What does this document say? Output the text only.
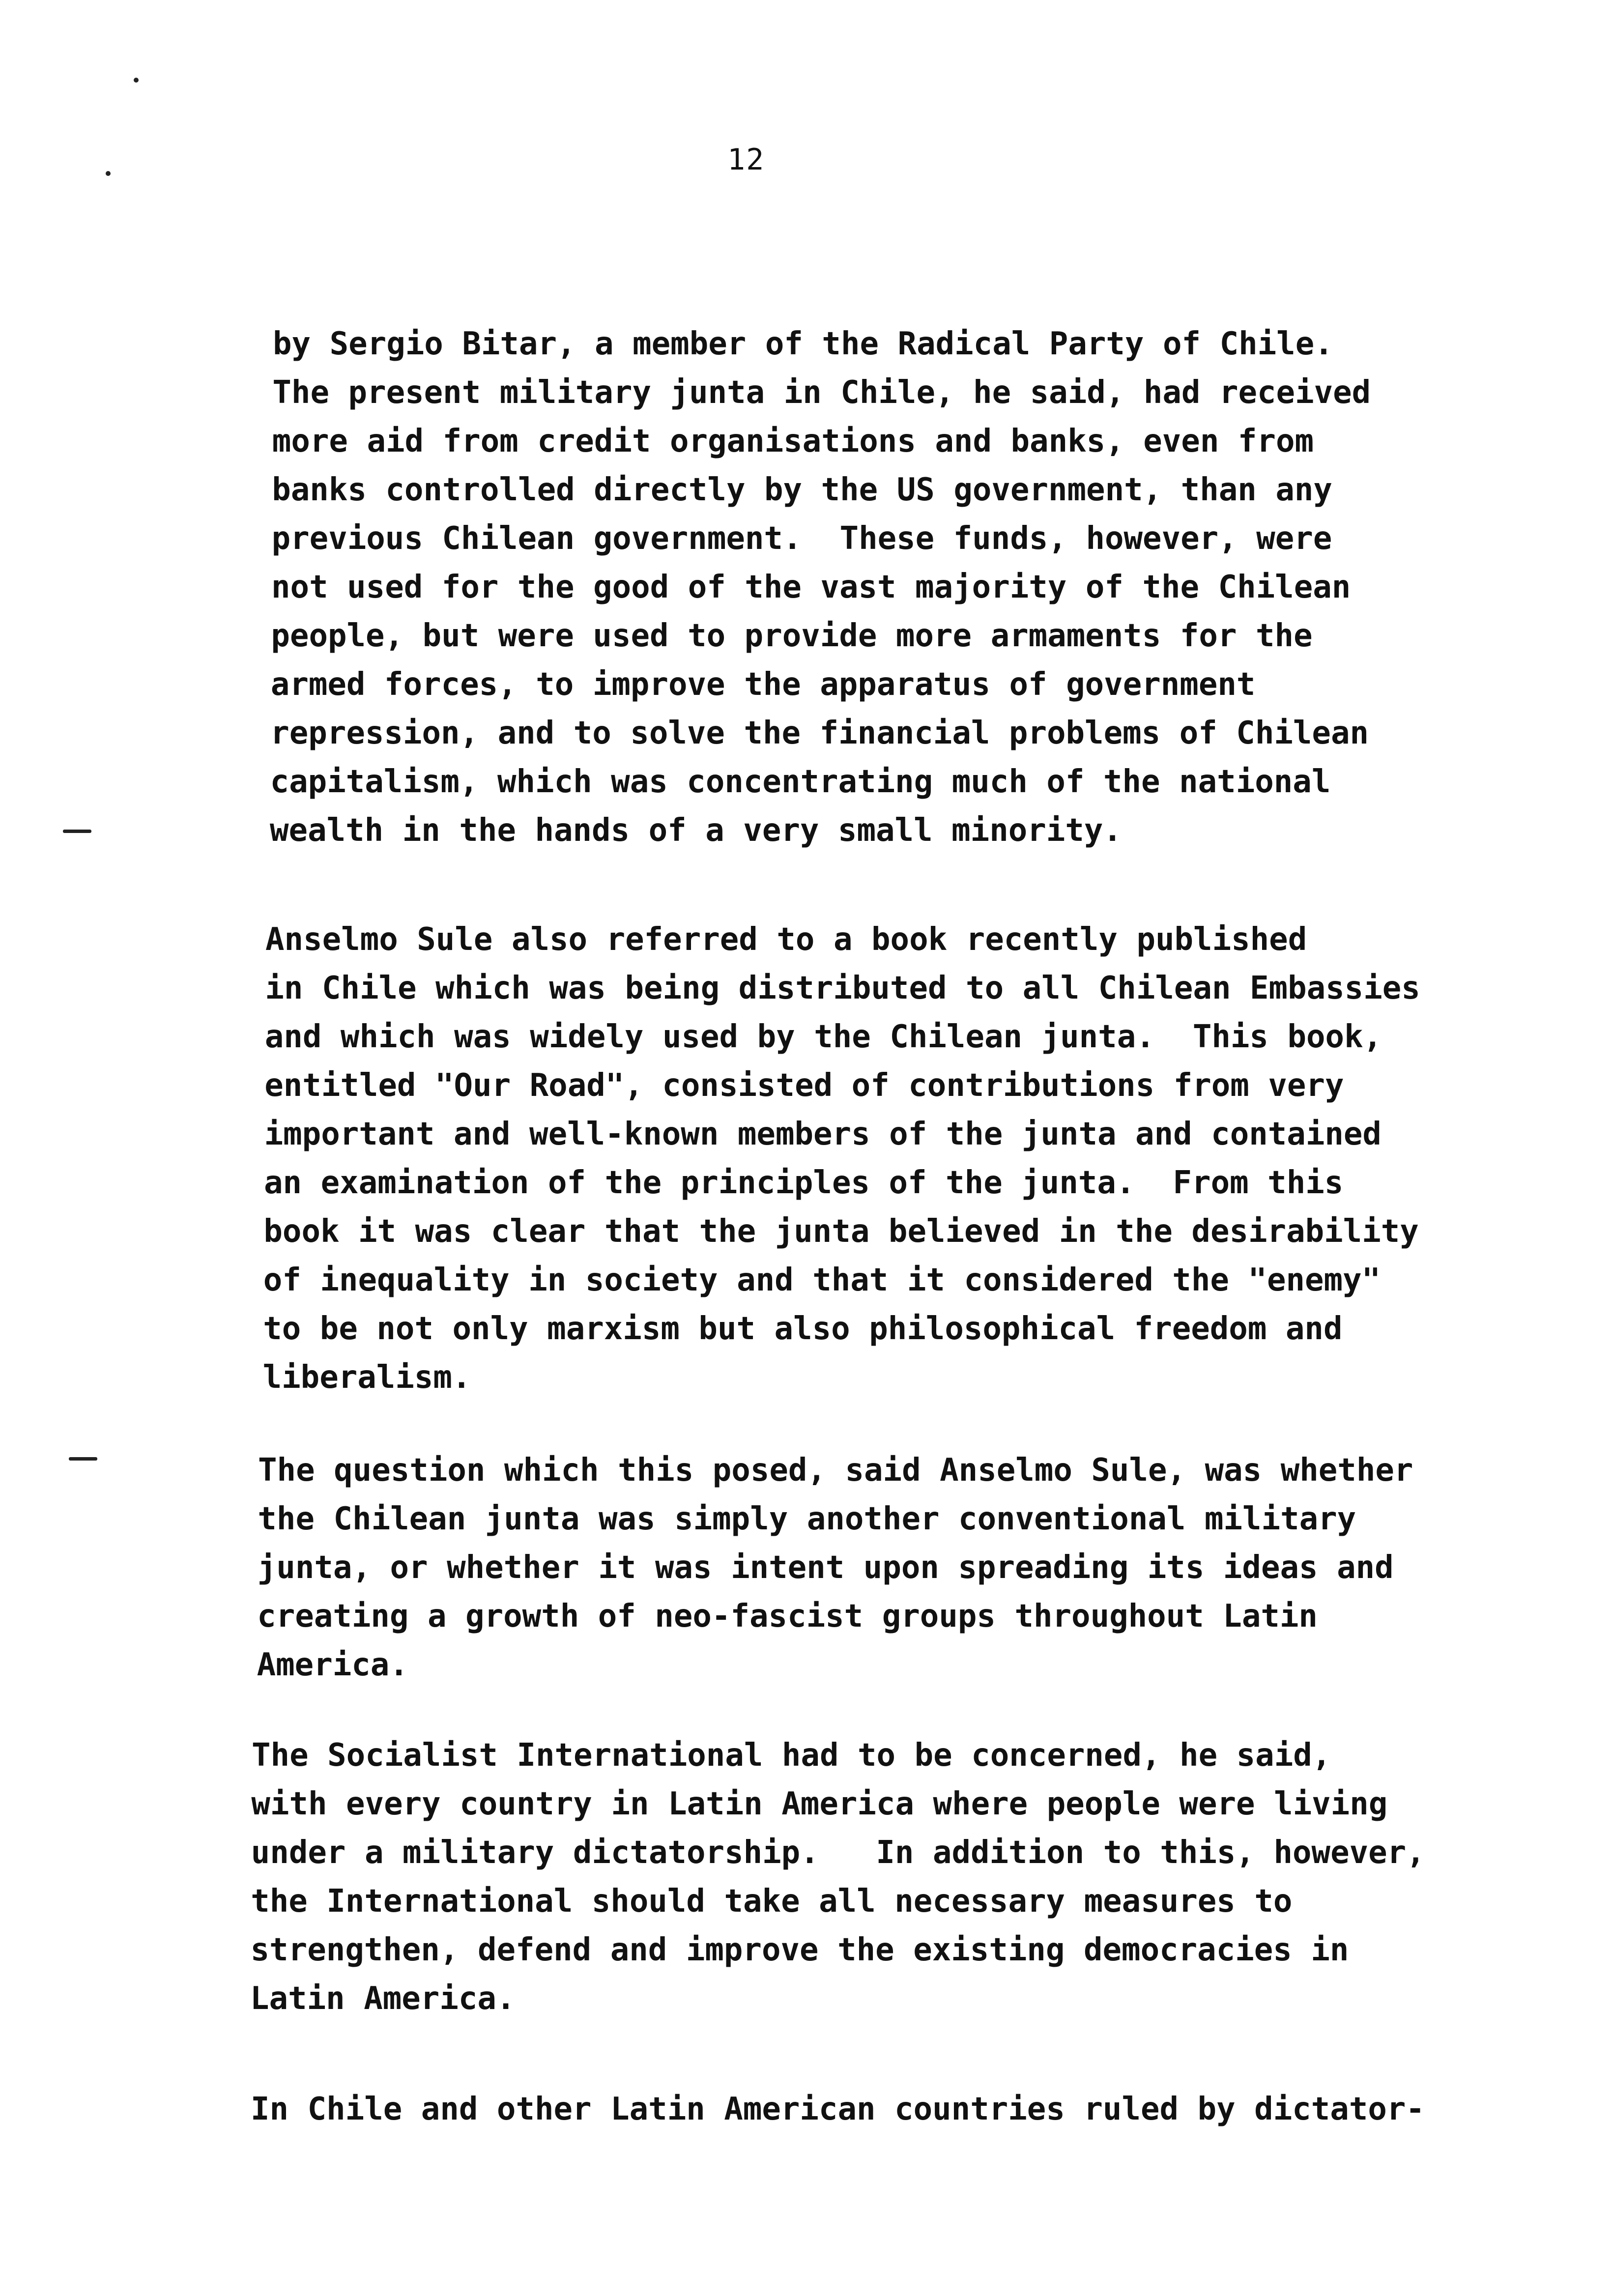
12
by Sergio Bitar, a member of the Radical Party of Chile.
The present military junta in Chile, he said, had received
more aid from credit organisations and banks, even from
banks controlled directly by the US government, than any
previous Chilean government.  These funds, however, were
not used for the good of the vast majority of the Chilean
people, but were used to provide more armaments for the
armed forces, to improve the apparatus of government
repression, and to solve the financial problems of Chilean
capitalism, which was concentrating much of the national
wealth in the hands of a very small minority.
Anselmo Sule also referred to a book recently published
in Chile which was being distributed to all Chilean Embassies
and which was widely used by the Chilean junta.  This book,
entitled "Our Road", consisted of contributions from very
important and well-known members of the junta and contained
an examination of the principles of the junta.  From this
book it was clear that the junta believed in the desirability
of inequality in society and that it considered the "enemy"
to be not only marxism but also philosophical freedom and
liberalism.
The question which this posed, said Anselmo Sule, was whether
the Chilean junta was simply another conventional military
junta, or whether it was intent upon spreading its ideas and
creating a growth of neo-fascist groups throughout Latin
America.
The Socialist International had to be concerned, he said,
with every country in Latin America where people were living
under a military dictatorship.   In addition to this, however,
the International should take all necessary measures to
strengthen, defend and improve the existing democracies in
Latin America.
In Chile and other Latin American countries ruled by dictator-
